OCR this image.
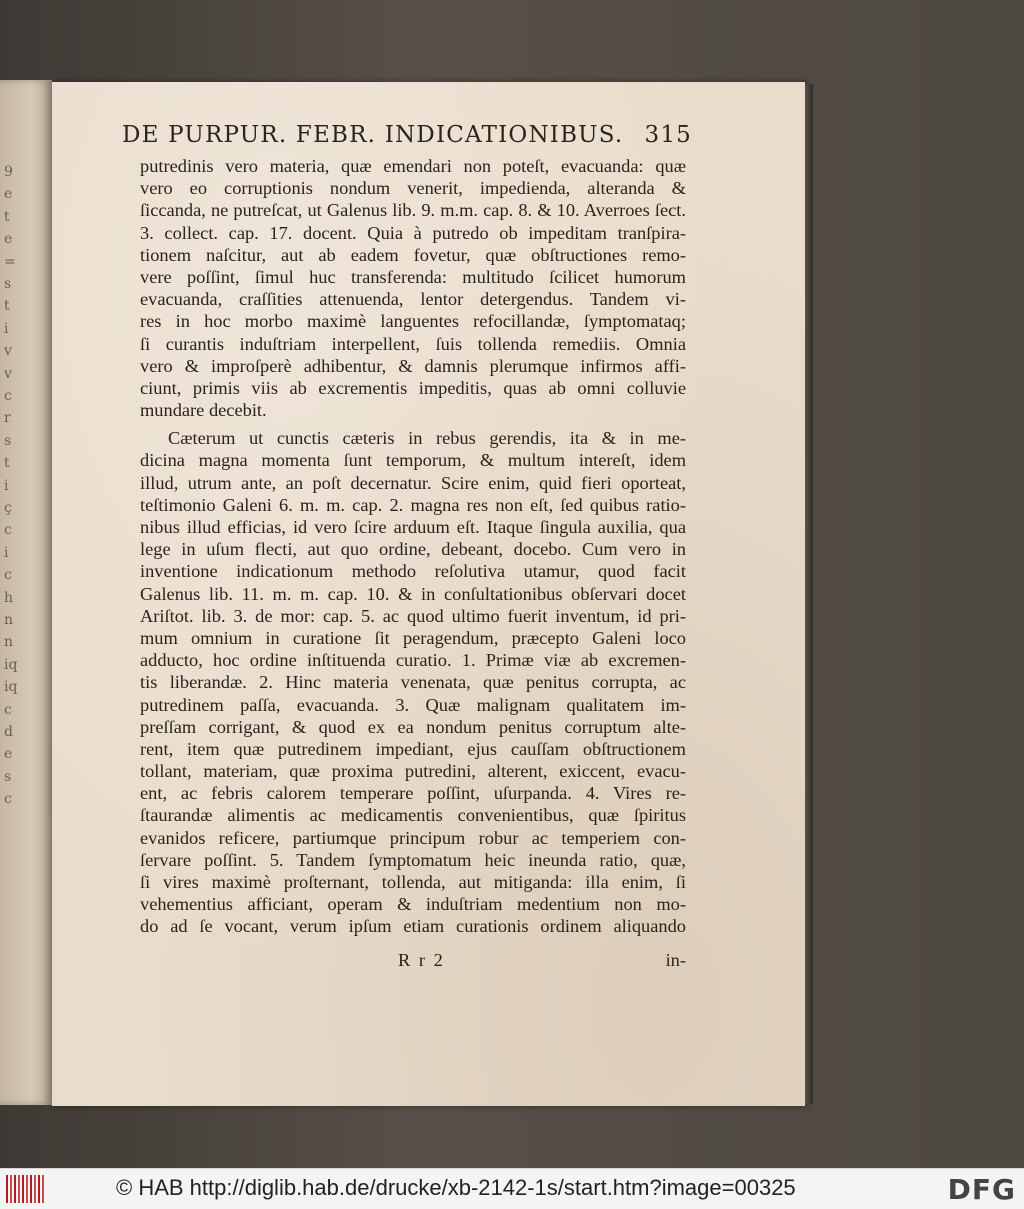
9
e
t
e
=
s
t
i
v
v
c
r
s
t
i
ç
c
i
c
h
n
n
iq
iq
c
d
e
s
c
DE PURPUR. FEBR. INDICATIONIBUS. 315
putredinis vero materia, quæ emendari non poteſt, evacuanda: quæ
vero eo corruptionis nondum venerit, impedienda, alteranda &
ſiccanda, ne putreſcat, ut Galenus lib. 9. m.m. cap. 8. & 10. Averroes ſect.
3. collect. cap. 17. docent. Quia à putredo ob impeditam tranſpira-
tionem naſcitur, aut ab eadem fovetur, quæ obſtructiones remo-
vere poſſint, ſimul huc transferenda: multitudo ſcilicet humorum
evacuanda, craſſities attenuenda, lentor detergendus. Tandem vi-
res in hoc morbo maximè languentes refocillandæ, ſymptomataq;
ſi curantis induſtriam interpellent, ſuis tollenda remediis. Omnia
vero & improſperè adhibentur, & damnis plerumque infirmos affi-
ciunt, primis viis ab excrementis impeditis, quas ab omni colluvie
mundare decebit.
Cæterum ut cunctis cæteris in rebus gerendis, ita & in me-
dicina magna momenta ſunt temporum, & multum intereſt, idem
illud, utrum ante, an poſt decernatur. Scire enim, quid fieri oporteat,
teſtimonio Galeni 6. m. m. cap. 2. magna res non eſt, ſed quibus ratio-
nibus illud efficias, id vero ſcire arduum eſt. Itaque ſingula auxilia, qua
lege in uſum flecti, aut quo ordine, debeant, docebo. Cum vero in
inventione indicationum methodo reſolutiva utamur, quod facit
Galenus lib. 11. m. m. cap. 10. & in conſultationibus obſervari docet
Ariſtot. lib. 3. de mor: cap. 5. ac quod ultimo fuerit inventum, id pri-
mum omnium in curatione ſit peragendum, præcepto Galeni loco
adducto, hoc ordine inſtituenda curatio. 1. Primæ viæ ab excremen-
tis liberandæ. 2. Hinc materia venenata, quæ penitus corrupta, ac
putredinem paſſa, evacuanda. 3. Quæ malignam qualitatem im-
preſſam corrigant, & quod ex ea nondum penitus corruptum alte-
rent, item quæ putredinem impediant, ejus cauſſam obſtructionem
tollant, materiam, quæ proxima putredini, alterent, exiccent, evacu-
ent, ac febris calorem temperare poſſint, uſurpanda. 4. Vires re-
ſtaurandæ alimentis ac medicamentis convenientibus, quæ ſpiritus
evanidos reficere, partiumque principum robur ac temperiem con-
ſervare poſſint. 5. Tandem ſymptomatum heic ineunda ratio, quæ,
ſi vires maximè proſternant, tollenda, aut mitiganda: illa enim, ſi
vehementius afficiant, operam & induſtriam medentium non mo-
do ad ſe vocant, verum ipſum etiam curationis ordinem aliquando
R r 2	in-
© HAB http://diglib.hab.de/drucke/xb-2142-1s/start.htm?image=00325	DFG
